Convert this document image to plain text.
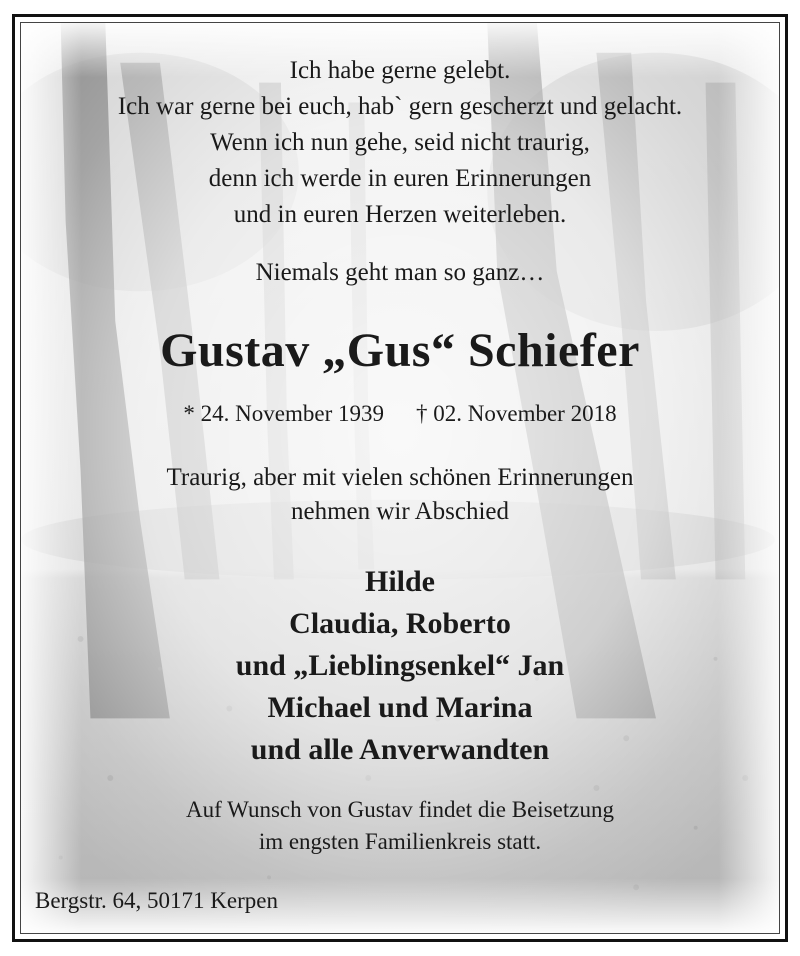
Ich habe gerne gelebt.
Ich war gerne bei euch, hab` gern gescherzt und gelacht.
Wenn ich nun gehe, seid nicht traurig,
denn ich werde in euren Erinnerungen
und in euren Herzen weiterleben.
Niemals geht man so ganz…
Gustav „Gus“ Schiefer
* 24. November 1939 † 02. November 2018
Traurig, aber mit vielen schönen Erinnerungen
nehmen wir Abschied
Hilde
Claudia, Roberto
und „Lieblingsenkel“ Jan
Michael und Marina
und alle Anverwandten
Auf Wunsch von Gustav findet die Beisetzung
im engsten Familienkreis statt.
Bergstr. 64, 50171 Kerpen
